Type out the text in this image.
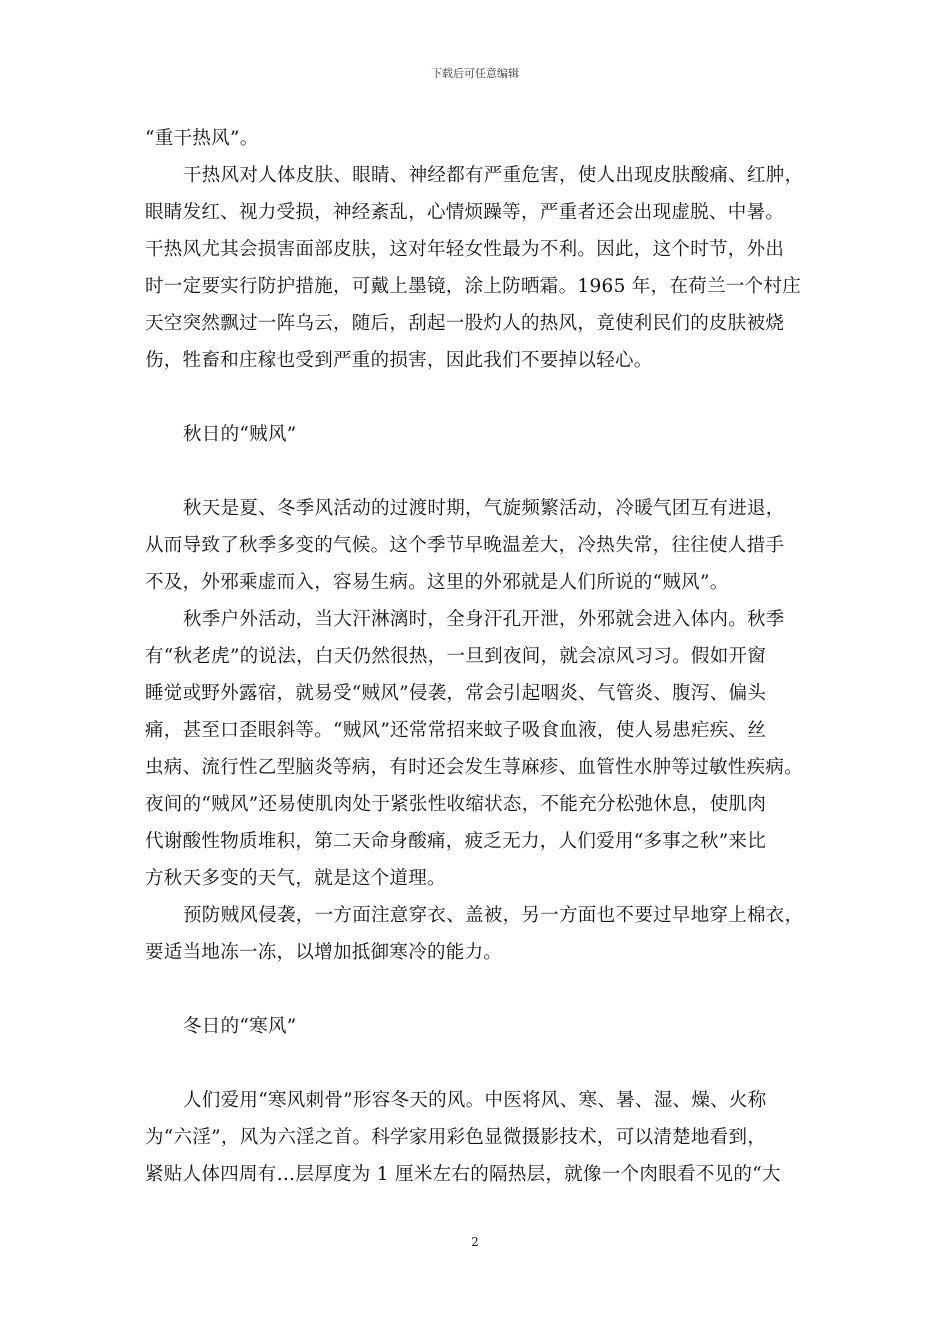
下载后可任意编辑
“重干热风”。
干热风对人体皮肤、眼睛、神经都有严重危害，使人出现皮肤酸痛、红肿，
眼睛发红、视力受损，神经紊乱，心情烦躁等，严重者还会出现虚脱、中暑。
干热风尤其会损害面部皮肤，这对年轻女性最为不利。因此，这个时节，外出
时一定要实行防护措施，可戴上墨镜，涂上防晒霜。1965 年，在荷兰一个村庄
天空突然飘过一阵乌云，随后，刮起一股灼人的热风，竟使利民们的皮肤被烧
伤，牲畜和庄稼也受到严重的损害，因此我们不要掉以轻心。
秋日的“贼风”
秋天是夏、冬季风活动的过渡时期，气旋频繁活动，冷暖气团互有进退，
从而导致了秋季多变的气候。这个季节早晚温差大，冷热失常，往往使人措手
不及，外邪乘虚而入，容易生病。这里的外邪就是人们所说的“贼风”。
秋季户外活动，当大汗淋漓时，全身汗孔开泄，外邪就会进入体内。秋季
有“秋老虎”的说法，白天仍然很热，一旦到夜间，就会凉风习习。假如开窗
睡觉或野外露宿，就易受“贼风”侵袭，常会引起咽炎、气管炎、腹泻、偏头
痛，甚至口歪眼斜等。“贼风”还常常招来蚊子吸食血液，使人易患疟疾、丝
虫病、流行性乙型脑炎等病，有时还会发生荨麻疹、血管性水肿等过敏性疾病。
夜间的“贼风”还易使肌肉处于紧张性收缩状态，不能充分松弛休息，使肌肉
代谢酸性物质堆积，第二天命身酸痛，疲乏无力，人们爱用“多事之秋”来比
方秋天多变的天气，就是这个道理。
预防贼风侵袭，一方面注意穿衣、盖被，另一方面也不要过早地穿上棉衣，
要适当地冻一冻，以增加抵御寒冷的能力。
冬日的“寒风”
人们爱用“寒风刺骨”形容冬天的风。中医将风、寒、暑、湿、燥、火称
为“六淫”，风为六淫之首。科学家用彩色显微摄影技术，可以清楚地看到，
紧贴人体四周有…层厚度为 1 厘米左右的隔热层，就像一个肉眼看不见的“大
2
